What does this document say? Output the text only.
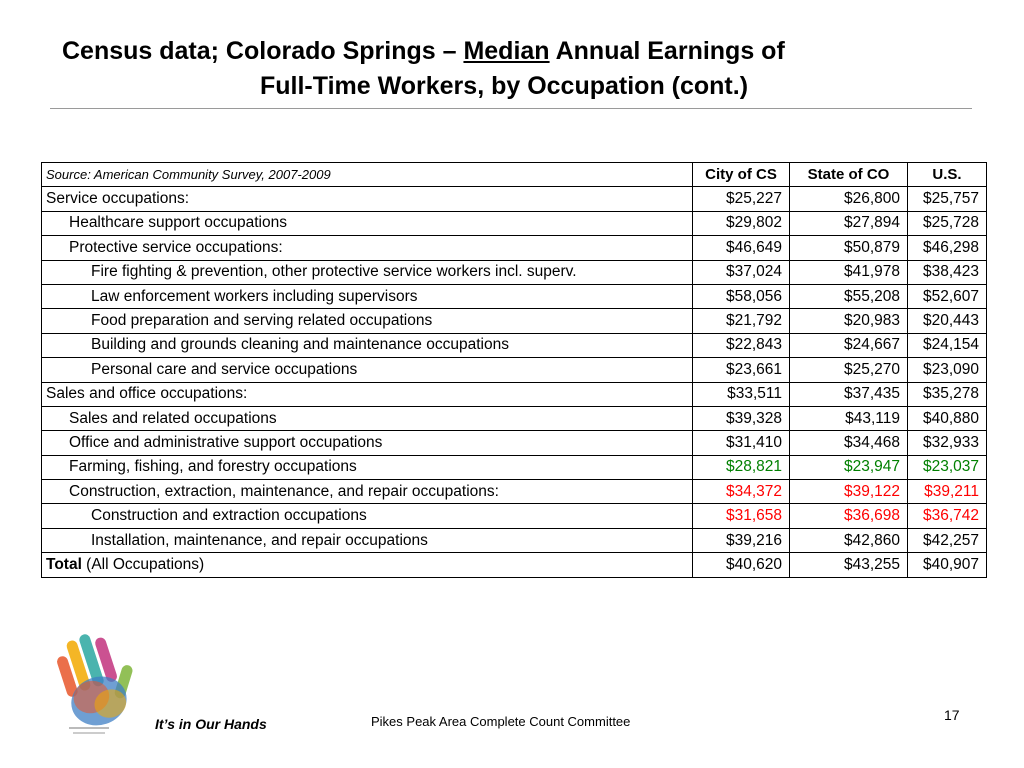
Census data; Colorado Springs – Median Annual Earnings of
Full-Time Workers, by Occupation (cont.)
Source: American Community Survey, 2007-2009	City of CS	State of CO	U.S.
Service occupations:	$25,227	$26,800	$25,757
Healthcare support occupations	$29,802	$27,894	$25,728
Protective service occupations:	$46,649	$50,879	$46,298
Fire fighting & prevention, other protective service workers incl. superv.	$37,024	$41,978	$38,423
Law enforcement workers including supervisors	$58,056	$55,208	$52,607
Food preparation and serving related occupations	$21,792	$20,983	$20,443
Building and grounds cleaning and maintenance occupations	$22,843	$24,667	$24,154
Personal care and service occupations	$23,661	$25,270	$23,090
Sales and office occupations:	$33,511	$37,435	$35,278
Sales and related occupations	$39,328	$43,119	$40,880
Office and administrative support occupations	$31,410	$34,468	$32,933
Farming, fishing, and forestry occupations	$28,821	$23,947	$23,037
Construction, extraction, maintenance, and repair occupations:	$34,372	$39,122	$39,211
Construction and extraction occupations	$31,658	$36,698	$36,742
Installation, maintenance, and repair occupations	$39,216	$42,860	$42,257
Total (All Occupations)	$40,620	$43,255	$40,907
It’s in Our Hands	Pikes Peak Area Complete Count Committee	17
